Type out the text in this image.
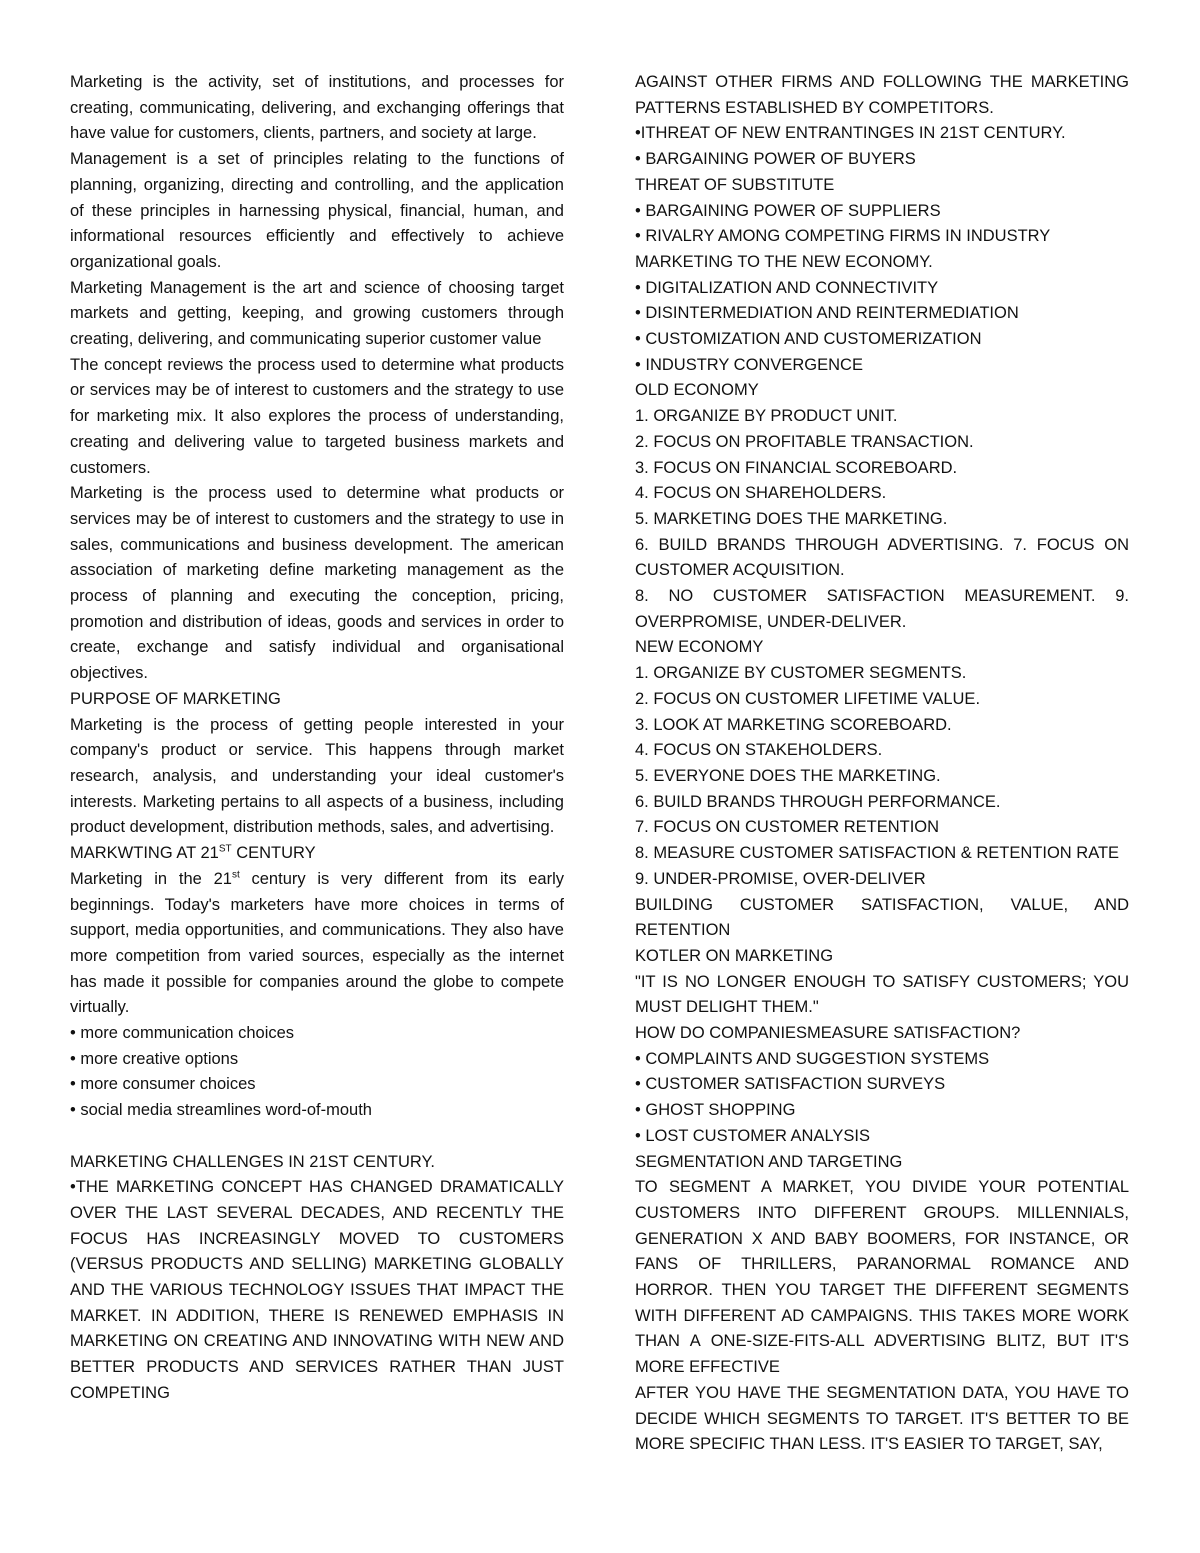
Marketing is the activity, set of institutions, and processes for creating, communicating, delivering, and exchanging offerings that have value for customers, clients, partners, and society at large.

Management is a set of principles relating to the functions of planning, organizing, directing and controlling, and the application of these principles in harnessing physical, financial, human, and informational resources efficiently and effectively to achieve organizational goals.

Marketing Management is the art and science of choosing target markets and getting, keeping, and growing customers through creating, delivering, and communicating superior customer value

The concept reviews the process used to determine what products or services may be of interest to customers and the strategy to use for marketing mix. It also explores the process of understanding, creating and delivering value to targeted business markets and customers.

Marketing is the process used to determine what products or services may be of interest to customers and the strategy to use in sales, communications and business development. The american association of marketing define marketing management as the process of planning and executing the conception, pricing, promotion and distribution of ideas, goods and services in order to create, exchange and satisfy individual and organisational objectives.

PURPOSE OF MARKETING

Marketing is the process of getting people interested in your company's product or service. This happens through market research, analysis, and understanding your ideal customer's interests. Marketing pertains to all aspects of a business, including product development, distribution methods, sales, and advertising.

MARKWTING AT 21ST CENTURY

Marketing in the 21st century is very different from its early beginnings. Today's marketers have more choices in terms of support, media opportunities, and communications. They also have more competition from varied sources, especially as the internet has made it possible for companies around the globe to compete virtually.

• more communication choices

• more creative options

• more consumer choices

• social media streamlines word-of-mouth

MARKETING CHALLENGES IN 21ST CENTURY.

•THE MARKETING CONCEPT HAS CHANGED DRAMATICALLY OVER THE LAST SEVERAL DECADES, AND RECENTLY THE FOCUS HAS INCREASINGLY MOVED TO CUSTOMERS (VERSUS PRODUCTS AND SELLING) MARKETING GLOBALLY AND THE VARIOUS TECHNOLOGY ISSUES THAT IMPACT THE MARKET. IN ADDITION, THERE IS RENEWED EMPHASIS IN MARKETING ON CREATING AND INNOVATING WITH NEW AND BETTER PRODUCTS AND SERVICES RATHER THAN JUST COMPETING

AGAINST OTHER FIRMS AND FOLLOWING THE MARKETING PATTERNS ESTABLISHED BY COMPETITORS.

•ITHREAT OF NEW ENTRANTINGES IN 21ST CENTURY.

• BARGAINING POWER OF BUYERS

THREAT OF SUBSTITUTE

• BARGAINING POWER OF SUPPLIERS

• RIVALRY AMONG COMPETING FIRMS IN INDUSTRY

MARKETING TO THE NEW ECONOMY.

• DIGITALIZATION AND CONNECTIVITY

• DISINTERMEDIATION AND REINTERMEDIATION

• CUSTOMIZATION AND CUSTOMERIZATION

• INDUSTRY CONVERGENCE

OLD ECONOMY

1. ORGANIZE BY PRODUCT UNIT.

2. FOCUS ON PROFITABLE TRANSACTION.

3. FOCUS ON FINANCIAL SCOREBOARD.

4. FOCUS ON SHAREHOLDERS.

5. MARKETING DOES THE MARKETING.

6. BUILD BRANDS THROUGH ADVERTISING. 7. FOCUS ON CUSTOMER ACQUISITION.

8. NO CUSTOMER SATISFACTION MEASUREMENT. 9. OVERPROMISE, UNDER-DELIVER.

NEW ECONOMY

1. ORGANIZE BY CUSTOMER SEGMENTS.

2. FOCUS ON CUSTOMER LIFETIME VALUE.

3. LOOK AT MARKETING SCOREBOARD.

4. FOCUS ON STAKEHOLDERS.

5. EVERYONE DOES THE MARKETING.

6. BUILD BRANDS THROUGH PERFORMANCE.

7. FOCUS ON CUSTOMER RETENTION

8. MEASURE CUSTOMER SATISFACTION & RETENTION RATE

9. UNDER-PROMISE, OVER-DELIVER

BUILDING CUSTOMER SATISFACTION, VALUE, AND RETENTION

KOTLER ON MARKETING

"IT IS NO LONGER ENOUGH TO SATISFY CUSTOMERS; YOU MUST DELIGHT THEM."

HOW DO COMPANIESMEASURE SATISFACTION?

• COMPLAINTS AND SUGGESTION SYSTEMS

• CUSTOMER SATISFACTION SURVEYS

• GHOST SHOPPING

• LOST CUSTOMER ANALYSIS

SEGMENTATION AND TARGETING

TO SEGMENT A MARKET, YOU DIVIDE YOUR POTENTIAL CUSTOMERS INTO DIFFERENT GROUPS. MILLENNIALS, GENERATION X AND BABY BOOMERS, FOR INSTANCE, OR FANS OF THRILLERS, PARANORMAL ROMANCE AND HORROR. THEN YOU TARGET THE DIFFERENT SEGMENTS WITH DIFFERENT AD CAMPAIGNS. THIS TAKES MORE WORK THAN A ONE-SIZE-FITS-ALL ADVERTISING BLITZ, BUT IT'S MORE EFFECTIVE

AFTER YOU HAVE THE SEGMENTATION DATA, YOU HAVE TO DECIDE WHICH SEGMENTS TO TARGET. IT'S BETTER TO BE MORE SPECIFIC THAN LESS. IT'S EASIER TO TARGET, SAY,
